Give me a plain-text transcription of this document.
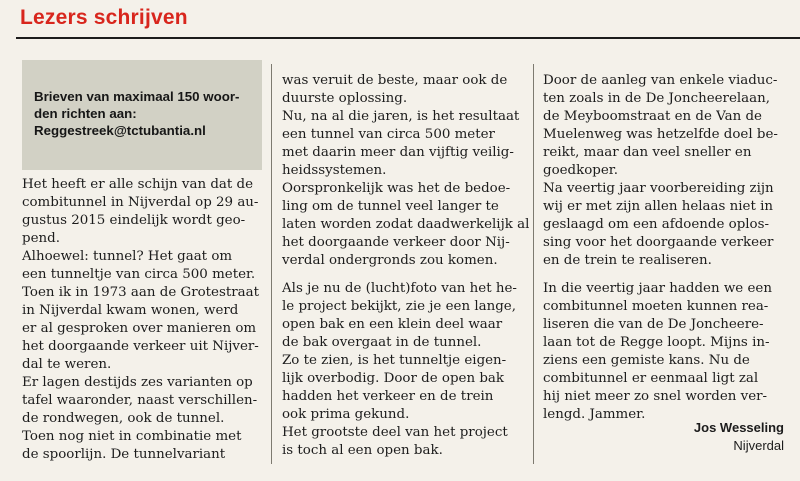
Lezers schrijven
Brieven van maximaal 150 woor-
den richten aan:
Reggestreek@tctubantia.nl
Het heeft er alle schijn van dat de
combitunnel in Nijverdal op 29 au-
gustus 2015 eindelijk wordt geo-
pend.
Alhoewel: tunnel? Het gaat om
een tunneltje van circa 500 meter.
Toen ik in 1973 aan de Grotestraat
in Nijverdal kwam wonen, werd
er al gesproken over manieren om
het doorgaande verkeer uit Nijver-
dal te weren.
Er lagen destijds zes varianten op
tafel waaronder, naast verschillen-
de rondwegen, ook de tunnel.
Toen nog niet in combinatie met
de spoorlijn. De tunnelvariant
was veruit de beste, maar ook de
duurste oplossing.
Nu, na al die jaren, is het resultaat
een tunnel van circa 500 meter
met daarin meer dan vijftig veilig-
heidssystemen.
Oorspronkelijk was het de bedoe-
ling om de tunnel veel langer te
laten worden zodat daadwerkelijk al
het doorgaande verkeer door Nij-
verdal ondergronds zou komen.
Als je nu de (lucht)foto van het he-
le project bekijkt, zie je een lange,
open bak en een klein deel waar
de bak overgaat in de tunnel.
Zo te zien, is het tunneltje eigen-
lijk overbodig. Door de open bak
hadden het verkeer en de trein
ook prima gekund.
Het grootste deel van het project
is toch al een open bak.
Door de aanleg van enkele viaduc-
ten zoals in de De Joncheerelaan,
de Meyboomstraat en de Van de
Muelenweg was hetzelfde doel be-
reikt, maar dan veel sneller en
goedkoper.
Na veertig jaar voorbereiding zijn
wij er met zijn allen helaas niet in
geslaagd om een afdoende oplos-
sing voor het doorgaande verkeer
en de trein te realiseren.
In die veertig jaar hadden we een
combitunnel moeten kunnen rea-
liseren die van de De Joncheere-
laan tot de Regge loopt. Mijns in-
ziens een gemiste kans. Nu de
combitunnel er eenmaal ligt zal
hij niet meer zo snel worden ver-
lengd. Jammer.
Jos Wesseling
Nijverdal
